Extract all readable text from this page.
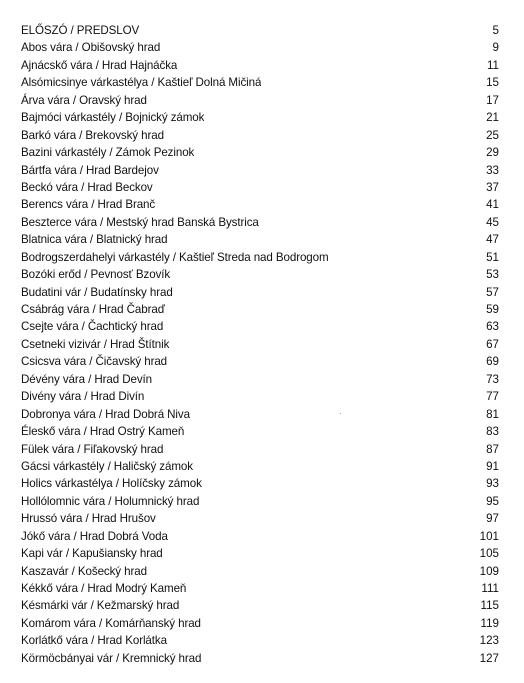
ELŐSZÓ / PREDSLOV	5
Abos vára / Obišovský hrad	9
Ajnácskő vára / Hrad Hajnáčka	11
Alsómicsinye várkastélya / Kaštieľ Dolná Mičiná	15
Árva vára / Oravský hrad	17
Bajmóci várkastély / Bojnický zámok	21
Barkó vára / Brekovský hrad	25
Bazini várkastély / Zámok Pezinok	29
Bártfa vára / Hrad Bardejov	33
Beckó vára / Hrad Beckov	37
Berencs vára / Hrad Branč	41
Beszterce vára / Mestský hrad Banská Bystrica	45
Blatnica vára / Blatnický hrad	47
Bodrogszerdahelyi várkastély / Kaštieľ Streda nad Bodrogom	51
Bozóki erőd / Pevnosť Bzovík	53
Budatini vár / Budatínsky hrad	57
Csábrág vára / Hrad Čabraď	59
Csejte vára / Čachtický hrad	63
Csetneki vizivár / Hrad Štítnik	67
Csicsva vára / Čičavský hrad	69
Dévény vára / Hrad Devín	73
Divény vára / Hrad Divín	77
Dobronya vára / Hrad Dobrá Niva	81
Éleskő vára / Hrad Ostrý Kameň	83
Fülek vára / Fiľakovský hrad	87
Gácsi várkastély / Haličský zámok	91
Holics várkastélya / Holíčsky zámok	93
Hollólomnic vára / Holumnický hrad	95
Hrussó vára / Hrad Hrušov	97
Jókő vára / Hrad Dobrá Voda	101
Kapi vár / Kapušiansky hrad	105
Kaszavár / Košecký hrad	109
Kékkő vára / Hrad Modrý Kameň	111
Késmárki vár / Kežmarský hrad	115
Komárom vára / Komárňanský hrad	119
Korlátkő vára / Hrad Korlátka	123
Körmöcbányai vár / Kremnický hrad	127
